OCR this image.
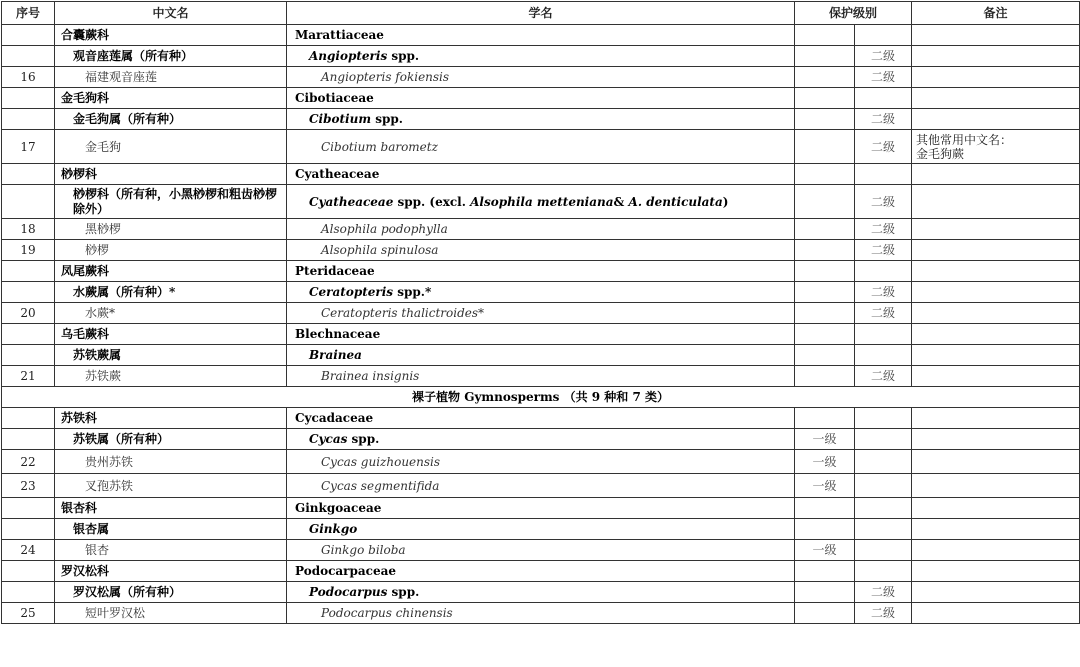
序号	中文名	学名	保护级别		备注
	合囊蕨科	Marattiaceae			
	观音座莲属（所有种）	Angiopteris spp.		二级	
16	福建观音座莲	Angiopteris fokiensis		二级	
	金毛狗科	Cibotiaceae			
	金毛狗属（所有种）	Cibotium spp.		二级	
17	金毛狗	Cibotium barometz		二级	其他常用中文名：
金毛狗蕨
	桫椤科	Cyatheaceae			
	桫椤科（所有种，小黑桫椤和粗齿桫椤除外）	Cyatheaceae spp. (excl. Alsophila metteniana& A. denticulata)		二级	
18	黑桫椤	Alsophila podophylla		二级	
19	桫椤	Alsophila spinulosa		二级	
	凤尾蕨科	Pteridaceae			
	水蕨属（所有种）*	Ceratopteris spp.*		二级	
20	水蕨*	Ceratopteris thalictroides*		二级	
	乌毛蕨科	Blechnaceae			
	苏铁蕨属	Brainea			
21	苏铁蕨	Brainea insignis		二级	
裸子植物 Gymnosperms （共 9 种和 7 类）					
	苏铁科	Cycadaceae			
	苏铁属（所有种）	Cycas spp.	一级		
22	贵州苏铁	Cycas guizhouensis	一级		
23	叉孢苏铁	Cycas segmentifida	一级		
	银杏科	Ginkgoaceae			
	银杏属	Ginkgo			
24	银杏	Ginkgo biloba	一级		
	罗汉松科	Podocarpaceae			
	罗汉松属（所有种）	Podocarpus spp.		二级	
25	短叶罗汉松	Podocarpus chinensis		二级	
